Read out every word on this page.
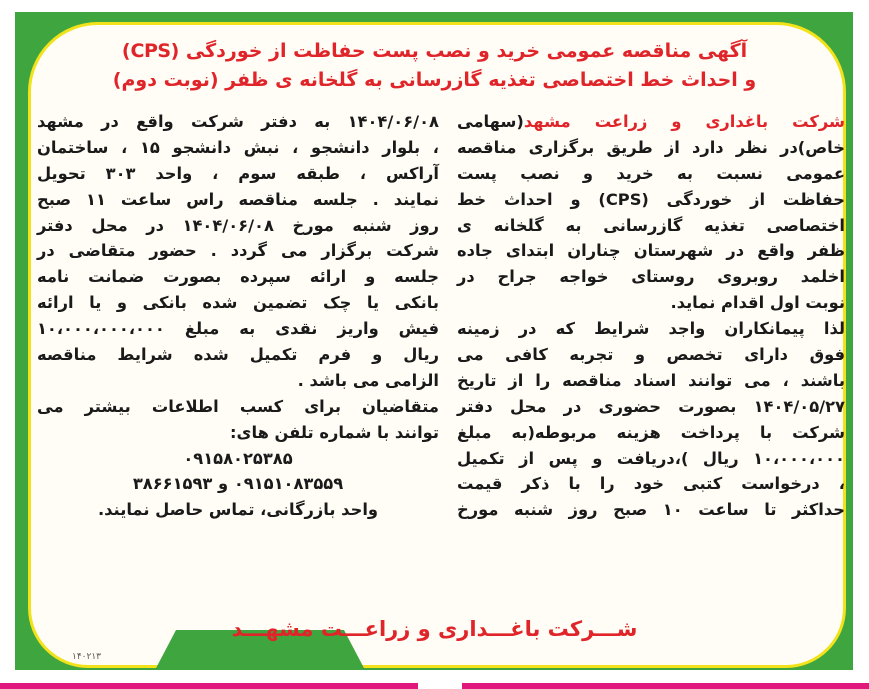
آگهی مناقصه عمومی خرید و نصب پست حفاظت از خوردگی (CPS)
و احداث خط اختصاصی تغذیه گازرسانی به گلخانه ی ظفر (نوبت دوم)
شرکت باغداری و زراعت مشهد(سهامی
خاص)در نظر دارد از طریق برگزاری مناقصه
عمومی نسبت به خرید و نصب پست
حفاظت از خوردگی (CPS) و احداث خط
اختصاصی تغذیه گازرسانی به گلخانه ی
ظفر واقع در شهرستان چناران ابتدای جاده
اخلمد روبروی روستای خواجه جراح در
نوبت اول اقدام نماید.
لذا پیمانکاران واجد شرایط که در زمینه
فوق دارای تخصص و تجربه کافی می
باشند ، می توانند اسناد مناقصه را از تاریخ
۱۴۰۴/۰۵/۲۷ بصورت حضوری در محل دفتر
شرکت با پرداخت هزینه مربوطه(به مبلغ
۱۰،۰۰۰،۰۰۰ ریال )،دریافت و پس از تکمیل
، درخواست کتبی خود را با ذکر قیمت
حداکثر تا ساعت ۱۰ صبح روز شنبه مورخ
۱۴۰۴/۰۶/۰۸ به دفتر شرکت واقع در مشهد
، بلوار دانشجو ، نبش دانشجو ۱۵ ، ساختمان
آراکس ، طبقه سوم ، واحد ۳۰۳ تحویل
نمایند . جلسه مناقصه راس ساعت ۱۱ صبح
روز شنبه مورخ ۱۴۰۴/۰۶/۰۸ در محل دفتر
شرکت برگزار می گردد . حضور متقاضی در
جلسه و ارائه سپرده بصورت ضمانت نامه
بانکی یا چک تضمین شده بانکی و یا ارائه
فیش واریز نقدی به مبلغ ۱۰،۰۰۰،۰۰۰،۰۰۰
ریال و فرم تکمیل شده شرایط مناقصه
الزامی می باشد .
متقاضیان برای کسب اطلاعات بیشتر می
توانند با شماره تلفن های:
۰۹۱۵۸۰۲۵۳۸۵
۰۹۱۵۱۰۸۳۵۵۹ و ۳۸۶۶۱۵۹۳
واحد بازرگانی، تماس حاصل نمایند.
شـــرکت باغـــداری و زراعـــت مشهـــد
۱۴۰۲۱۳
